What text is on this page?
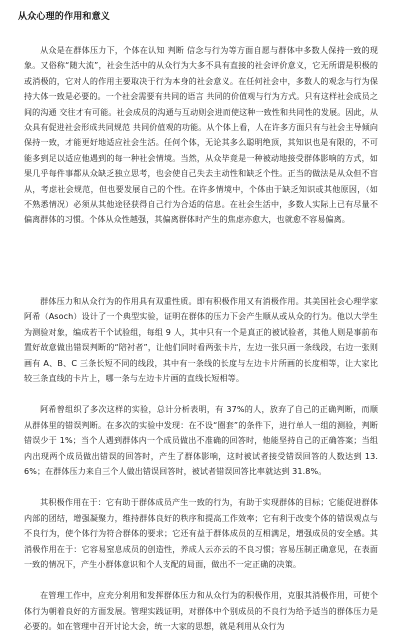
从众心理的作用和意义

从众是在群体压力下，个体在认知 判断 信念与行为等方面自愿与群体中多数人保持一致的现象。又俗称“随大流”，社会生活中的从众行为大多不具有直接的社会评价意义，它无所谓是积极的或消极的，它对人的作用主要取决于行为本身的社会意义。在任何社会中，多数人的观念与行为保持大体一致是必要的。一个社会需要有共同的语言 共同的价值观与行为方式。只有这样社会成员之间的沟通 交往才有可能。社会成员的沟通与互动则会进而使这种一致性和共同性的发展。因此，从众具有促进社会形成共同规范 共同价值观的功能。从个体上看，人在许多方面只有与社会主导倾向保持一致，才能更好地适应社会生活。任何个体，无论其多么聪明绝顶，其知识也是有限的，不可能多到足以适应他遇到的每一种社会情境。当然，从众毕竟是一种被动地接受群体影响的方式，如果几乎每件事都从众缺乏独立思考，也会使自己失去主动性和缺乏个性。正当的做法是从众但不盲从，考虑社会规范，但也要发展自己的个性。在许多情境中，个体由于缺乏知识或其他原因，（如不熟悉情况）必须从其他途径获得自己行为合适的信息。在社会生活中，多数人实际上已有尽量不偏离群体的习惯。个体从众性越强，其偏离群体时产生的焦虑亦愈大，也就愈不容易偏离。

群体压力和从众行为的作用具有双重性质。即有积极作用又有消极作用。其美国社会心理学家阿希（Asoch）设计了一个典型实验，证明在群体的压力下会产生顺从或从众的行为。他以大学生为测验对象，编成若干个试验组，每组 9 人，其中只有一个是真正的被试验者，其他人则是事前布置好故意做出错误判断的“陪衬者”，让他们同时看两张卡片，左边一张只画一条线段，右边一张则画有 A、B、C 三条长短不同的线段，其中有一条线的长度与左边卡片所画的长度相等，让大家比较三条直线的卡片上，哪一条与左边卡片画的直线长短相等。

阿希曾组织了多次这样的实验，总计分析表明，有 37%的人，放弃了自己的正确判断，而顺从群体里的错误判断。在多次的实验中发现：在不设“圈套”的条件下，进行单人一组的测验，判断错误少于 1%；当个人遇到群体内一个成员做出不准确的回答时，他能坚持自己的正确答案；当组内出现两个成员做出错误的回答时，产生了群体影响，这时被试者接受错误回答的人数达到 13.6%；在群体压力来自三个人做出错误回答时，被试者错误回答比率就达到 31.8%。

其积极作用在于：它有助于群体成员产生一致的行为，有助于实现群体的目标；它能促进群体内部的团结，增强凝聚力，维持群体良好的秩序和提高工作效率；它有利于改变个体的错误观点与不良行为，使个体行为符合群体的要求；它还有益于群体成员的互相满足，增强成员的安全感。其消极作用在于：它容易窒息成员的创造性，养成人云亦云的不良习惯；容易压制正确意见，在表面一致的情况下，产生小群体意识和个人支配的局面，做出不一定正确的决策。

在管理工作中，应充分利用和发挥群体压力和从众行为的积极作用，克服其消极作用，可使个体行为朝着良好的方面发展。管理实践证明，对群体中个别成员的不良行为给予适当的群体压力是必要的。如在管理中召开讨论大会，统一大家的思想，就是利用从众行为
